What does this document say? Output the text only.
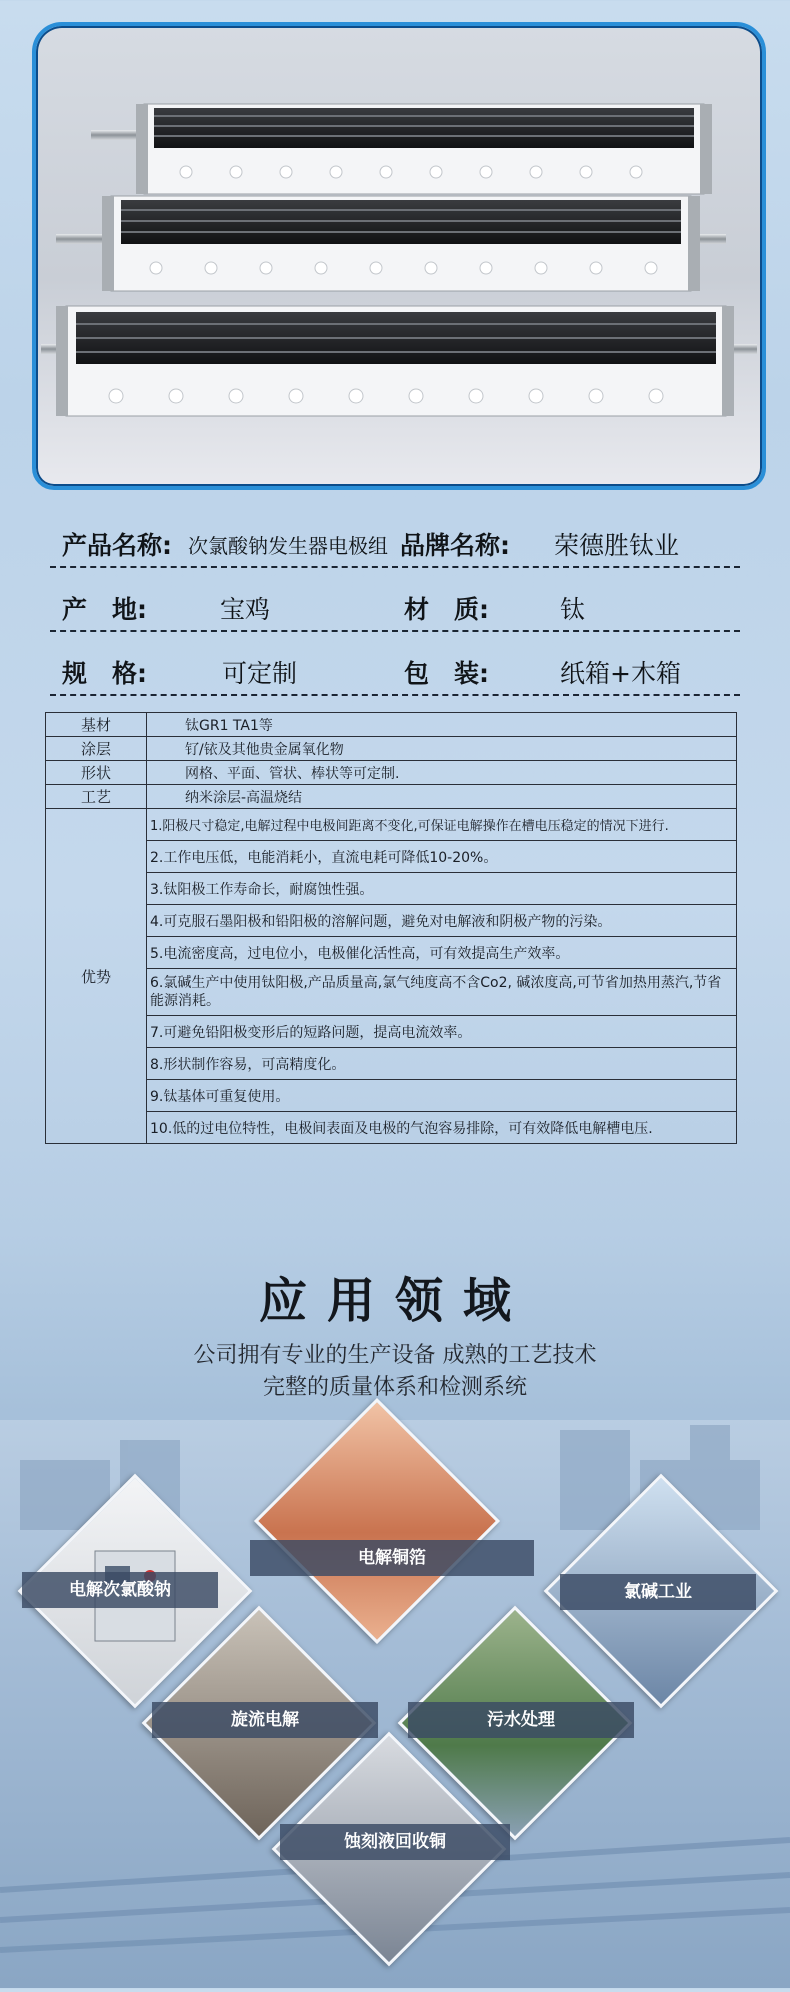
产品名称: 次氯酸钠发生器电极组 品牌名称: 荣德胜钛业
产　地:	宝鸡	材　质:	钛
规　格:	可定制	包　装:	纸箱+木箱
基材	钛GR1 TA1等
涂层	钌/铱及其他贵金属氧化物
形状	网格、平面、管状、棒状等可定制.
工艺	纳米涂层-高温烧结
优势	1.阳极尺寸稳定,电解过程中电极间距离不变化,可保证电解操作在槽电压稳定的情况下进行.
	2.工作电压低，电能消耗小，直流电耗可降低10-20%。
	3.钛阳极工作寿命长，耐腐蚀性强。
	4.可克服石墨阳极和铅阳极的溶解问题，避免对电解液和阴极产物的污染。
	5.电流密度高，过电位小，电极催化活性高，可有效提高生产效率。
	6.氯碱生产中使用钛阳极,产品质量高,氯气纯度高不含Co2, 碱浓度高,可节省加热用蒸汽,节省能源消耗。
	7.可避免铅阳极变形后的短路问题，提高电流效率。
	8.形状制作容易，可高精度化。
	9.钛基体可重复使用。
	10.低的过电位特性，电极间表面及电极的气泡容易排除，可有效降低电解槽电压.
应用领域
公司拥有专业的生产设备 成熟的工艺技术
完整的质量体系和检测系统
电解次氯酸钠
电解铜箔
氯碱工业
旋流电解	污水处理
蚀刻液回收铜
